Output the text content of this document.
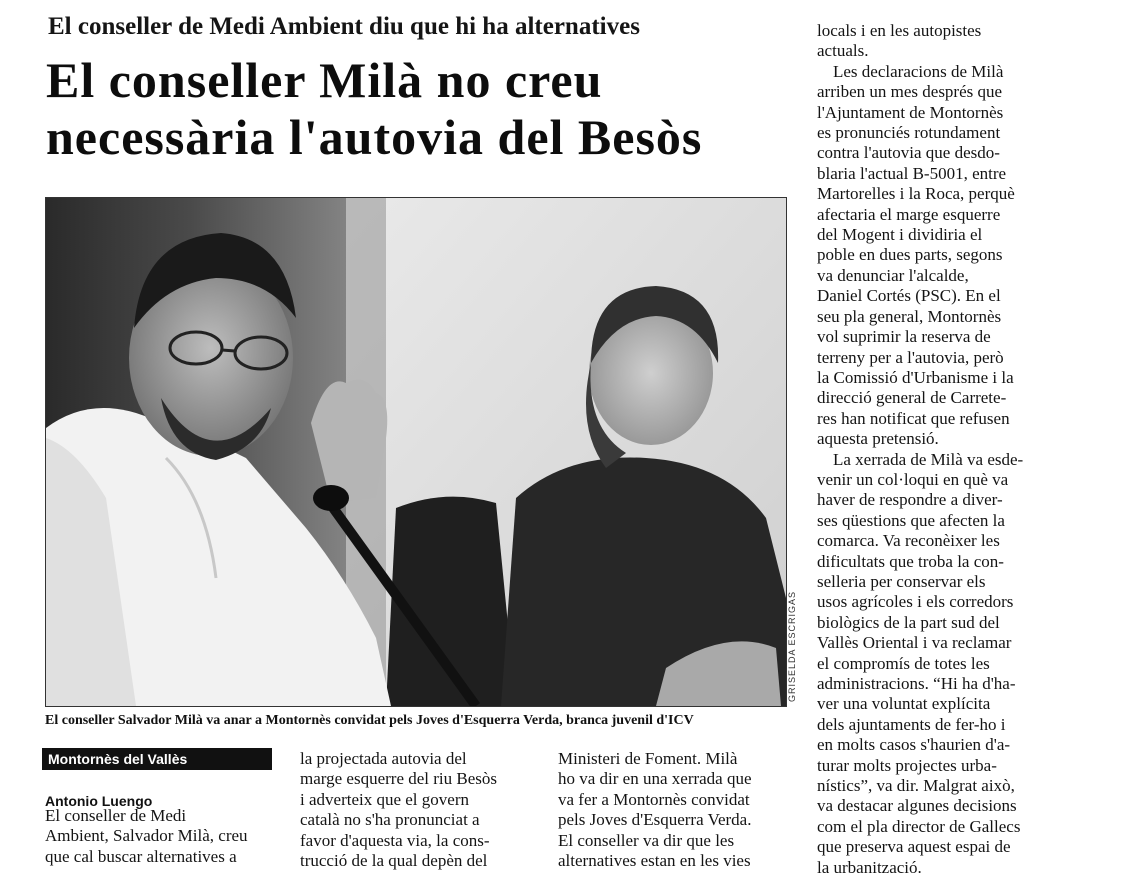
El conseller de Medi Ambient diu que hi ha alternatives
El conseller Milà no creu
necessària l'autovia del Besòs
GRISELDA ESCRIGAS
El conseller Salvador Milà va anar a Montornès convidat pels Joves d'Esquerra Verda, branca juvenil d'ICV
Montornès del Vallès
Antonio Luengo
El conseller de Medi
Ambient, Salvador Milà, creu
que cal buscar alternatives a
la projectada autovia del
marge esquerre del riu Besòs
i adverteix que el govern
català no s'ha pronunciat a
favor d'aquesta via, la cons-
trucció de la qual depèn del
Ministeri de Foment. Milà
ho va dir en una xerrada que
va fer a Montornès convidat
pels Joves d'Esquerra Verda.
El conseller va dir que les
alternatives estan en les vies
locals i en les autopistes
actuals.
Les declaracions de Milà
arriben un mes després que
l'Ajuntament de Montornès
es pronunciés rotundament
contra l'autovia que desdo-
blaria l'actual B-5001, entre
Martorelles i la Roca, perquè
afectaria el marge esquerre
del Mogent i dividiria el
poble en dues parts, segons
va denunciar l'alcalde,
Daniel Cortés (PSC). En el
seu pla general, Montornès
vol suprimir la reserva de
terreny per a l'autovia, però
la Comissió d'Urbanisme i la
direcció general de Carrete-
res han notificat que refusen
aquesta pretensió.
La xerrada de Milà va esde-
venir un col·loqui en què va
haver de respondre a diver-
ses qüestions que afecten la
comarca. Va reconèixer les
dificultats que troba la con-
selleria per conservar els
usos agrícoles i els corredors
biològics de la part sud del
Vallès Oriental i va reclamar
el compromís de totes les
administracions. “Hi ha d'ha-
ver una voluntat explícita
dels ajuntaments de fer-ho i
en molts casos s'haurien d'a-
turar molts projectes urba-
nístics”, va dir. Malgrat això,
va destacar algunes decisions
com el pla director de Gallecs
que preserva aquest espai de
la urbanització.
